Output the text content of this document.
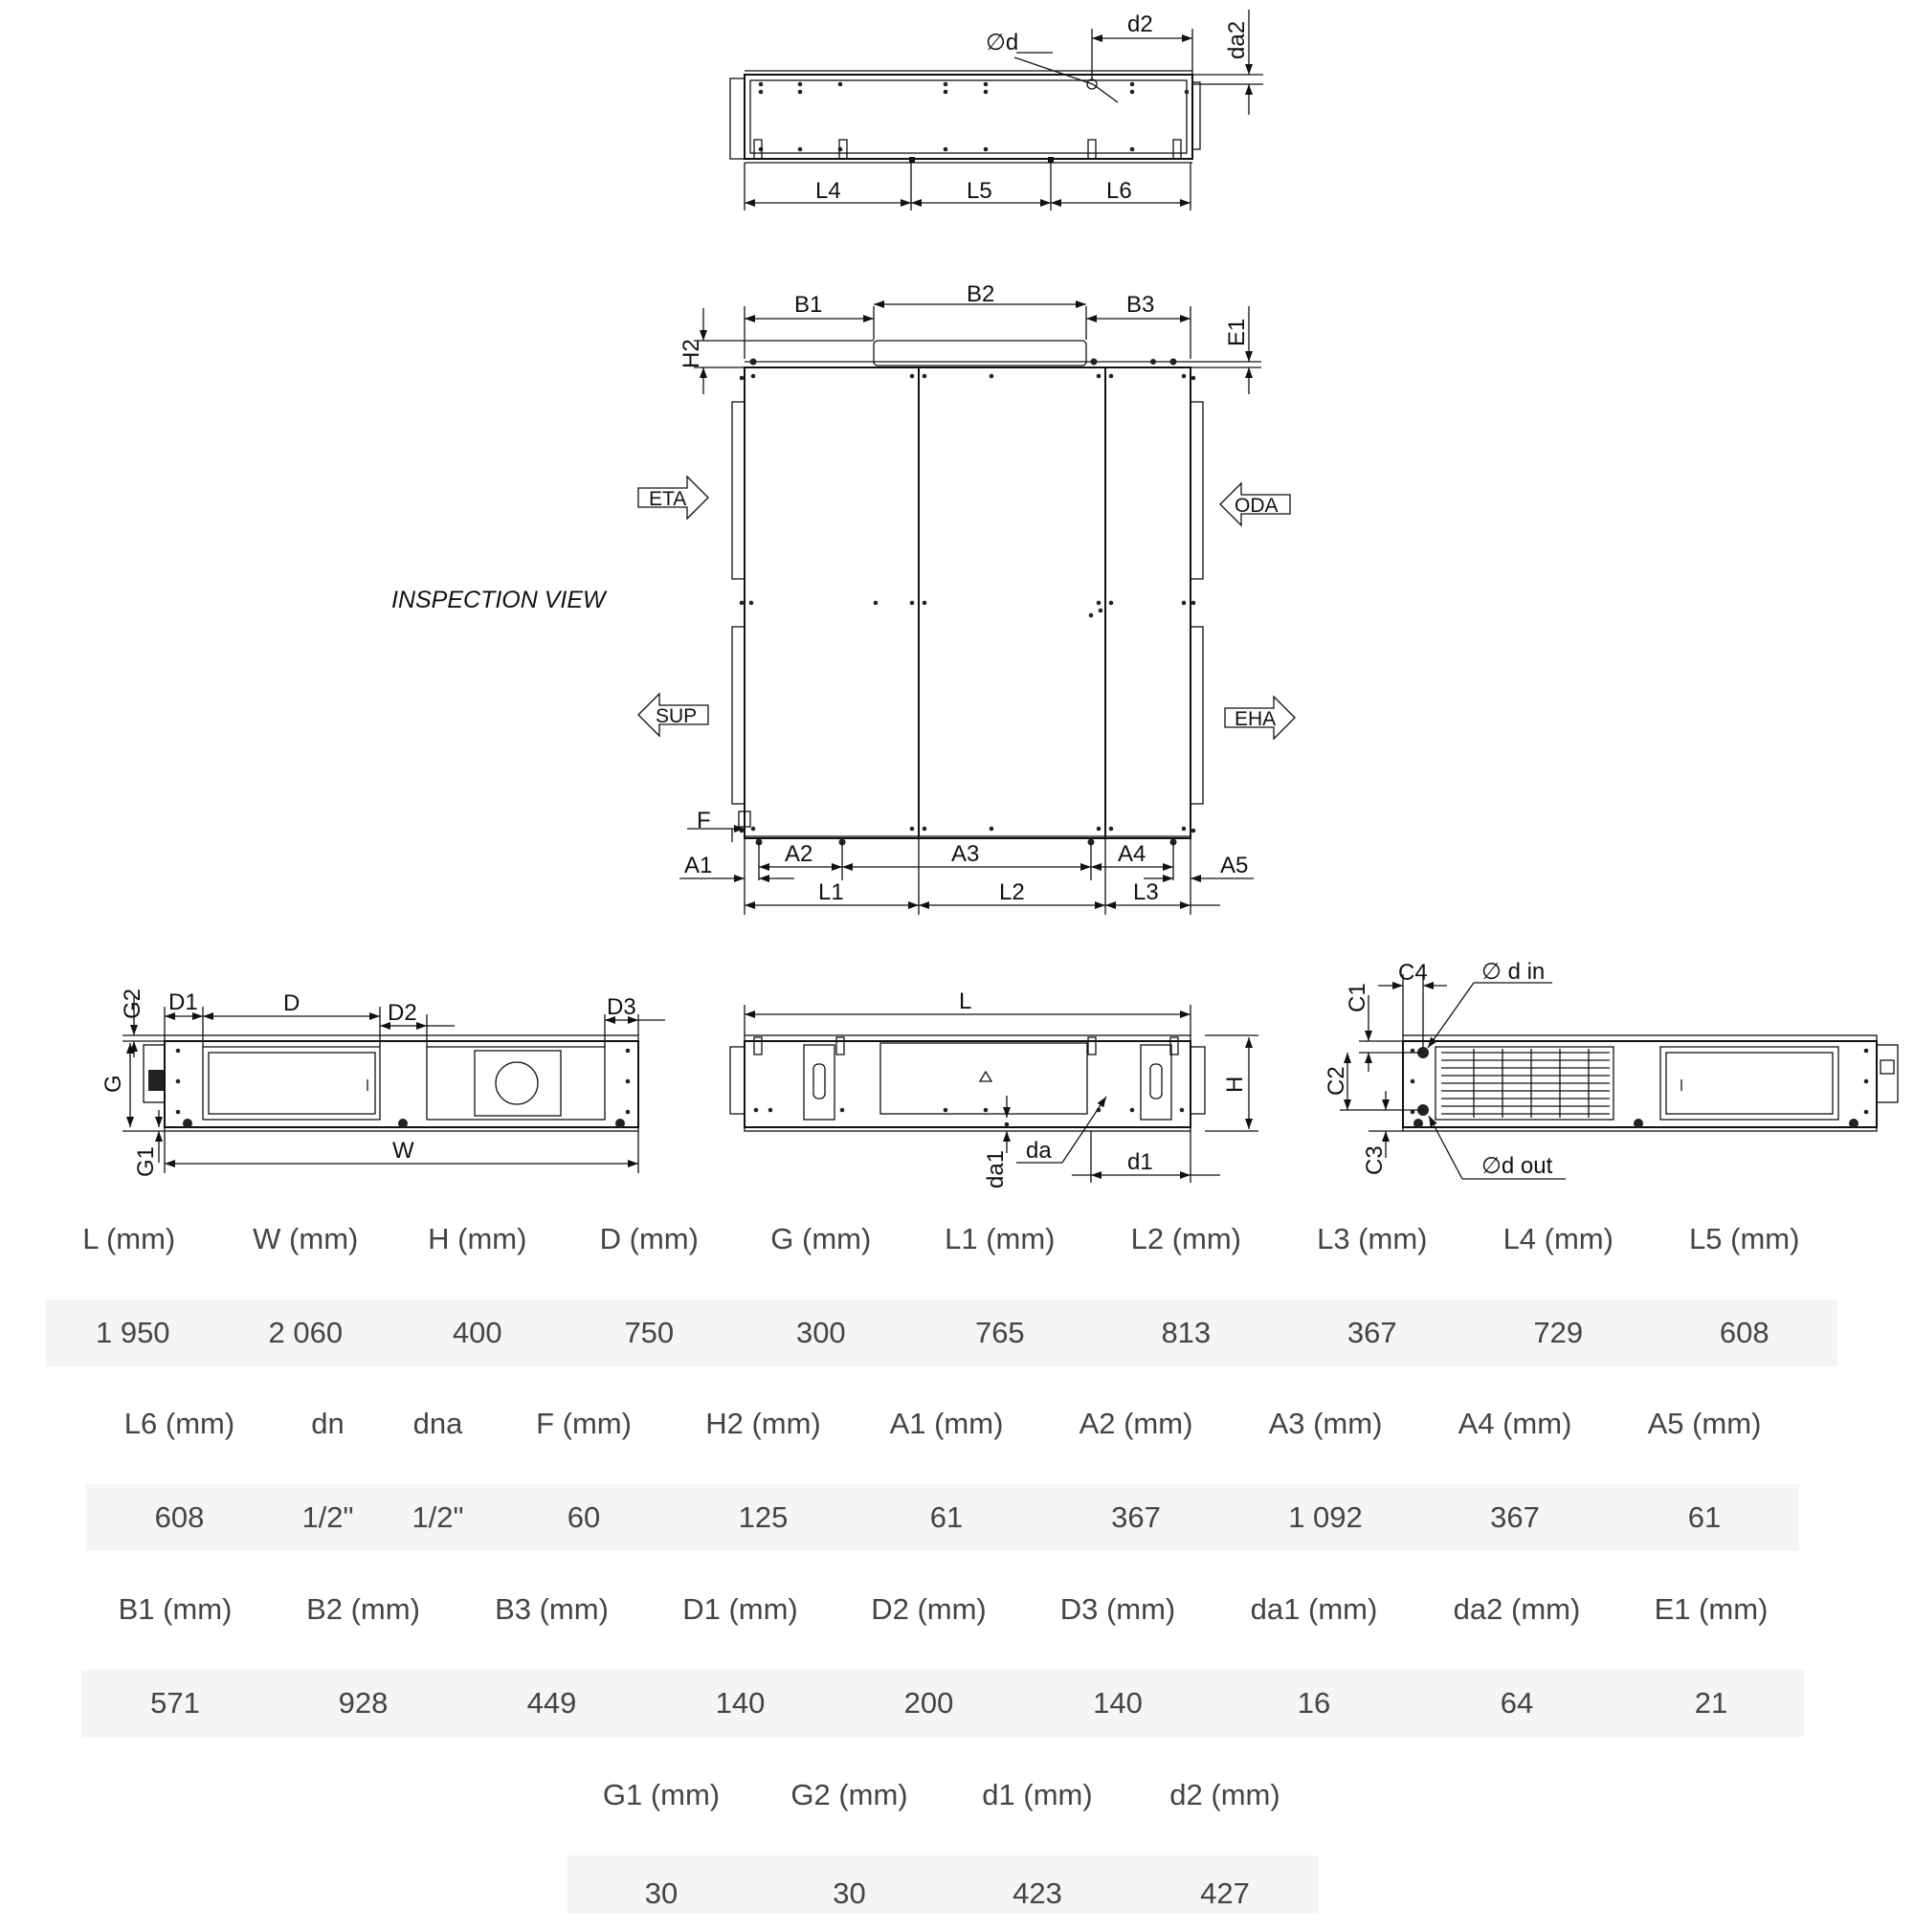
∅d
d2	da2
L4	L5	L6
ETA	ODA
SUP	EHA
INSPECTION VIEW
B1	B2	B3
H2
E1
F
A1	A2	A3	A4	A5
L1	L2	L3
G2
G
G1
D1	D	D2	D3
W
L
H
da1 da	d1
C1
C4 ∅ d in
C2
C3	∅d out
L (mm)	W (mm)	H (mm)	D (mm)	G (mm)	L1 (mm)	L2 (mm)	L3 (mm)	L4 (mm)	L5 (mm)
1 950	2 060	400	750	300	765	813	367	729	608
L6 (mm)	dn	dna	F (mm)	H2 (mm)	A1 (mm)	A2 (mm)	A3 (mm)	A4 (mm)	A5 (mm)
608	1/2"	1/2"	60	125	61	367	1 092	367	61
B1 (mm)	B2 (mm)	B3 (mm)	D1 (mm)	D2 (mm)	D3 (mm)	da1 (mm)	da2 (mm)	E1 (mm)
571	928	449	140	200	140	16	64	21
G1 (mm)	G2 (mm)	d1 (mm)	d2 (mm)
30	30	423	427
